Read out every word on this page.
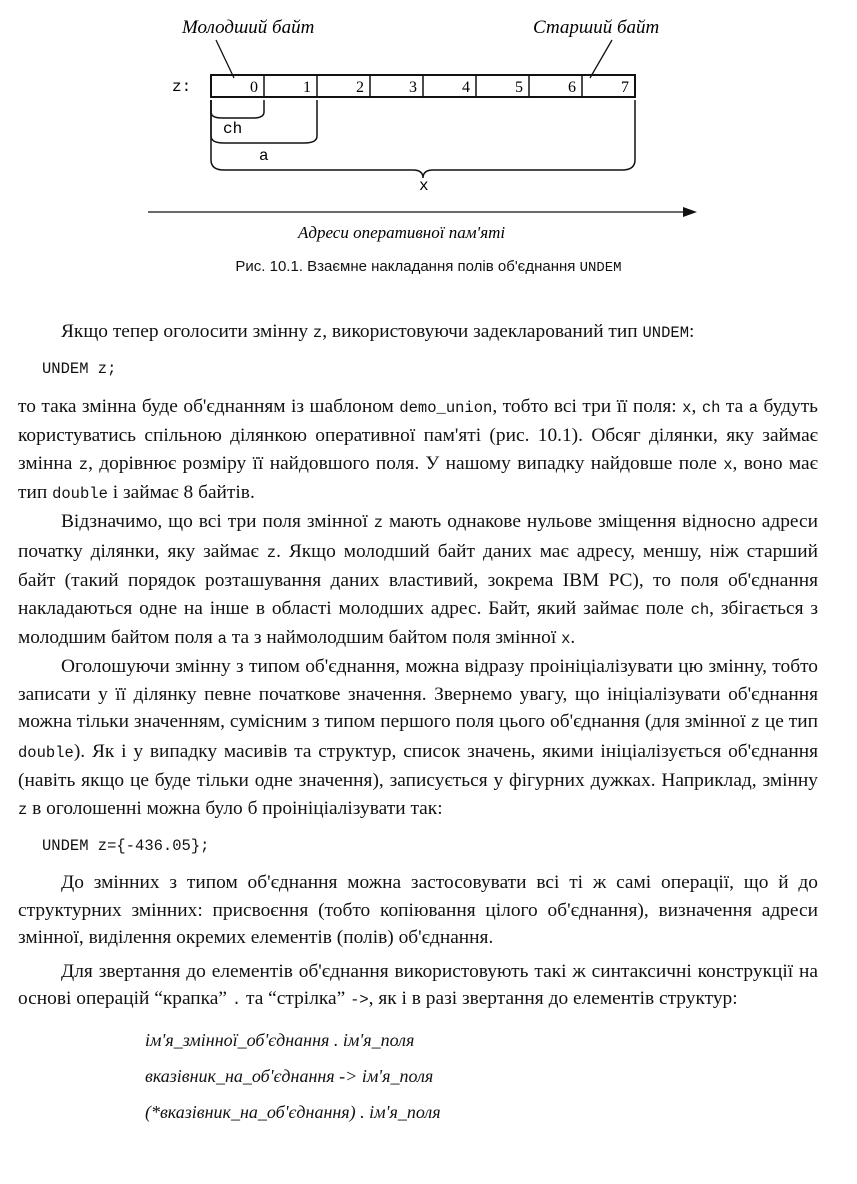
Молодший байт	Старший байт
z:	0	1	2	3	4	5	6	7
ch
a
x
Адреси оперативної пам'яті
Рис. 10.1. Взаємне накладання полів об'єднання UNDEM

Якщо тепер оголосити змінну z, використовуючи задекларований тип UNDEM:

UNDEM z;

то така змінна буде об'єднанням із шаблоном demo_union, тобто всі три її поля: x, ch та a будуть користуватись спільною ділянкою оперативної пам'яті (рис. 10.1). Обсяг ділянки, яку займає змінна z, дорівнює розміру її найдовшого поля. У нашому випадку найдовше поле x, воно має тип double і займає 8 байтів.

Відзначимо, що всі три поля змінної z мають однакове нульове зміщення відносно адреси початку ділянки, яку займає z. Якщо молодший байт даних має адресу, меншу, ніж старший байт (такий порядок розташування даних властивий, зокрема IBM PC), то поля об'єднання накладаються одне на інше в області молодших адрес. Байт, який займає поле ch, збігається з молодшим байтом поля a та з наймолодшим байтом поля змінної x.

Оголошуючи змінну з типом об'єднання, можна відразу проініціалізувати цю змінну, тобто записати у її ділянку певне початкове значення. Звернемо увагу, що ініціалізувати об'єднання можна тільки значенням, сумісним з типом першого поля цього об'єднання (для змінної z це тип double). Як і у випадку масивів та структур, список значень, якими ініціалізується об'єднання (навіть якщо це буде тільки одне значення), записується у фігурних дужках. Наприклад, змінну z в оголошенні можна було б проініціалізувати так:

UNDEM z={-436.05};

До змінних з типом об'єднання можна застосовувати всі ті ж самі операції, що й до структурних змінних: присвоєння (тобто копіювання цілого об'єднання), визначення адреси змінної, виділення окремих елементів (полів) об'єднання.

Для звертання до елементів об'єднання використовують такі ж синтаксичні конструкції на основі операцій “крапка” . та “стрілка” ->, як і в разі звертання до елементів структур:

ім'я_змінної_об'єднання . ім'я_поля
вказівник_на_об'єднання -> ім'я_поля
(*вказівник_на_об'єднання) . ім'я_поля
